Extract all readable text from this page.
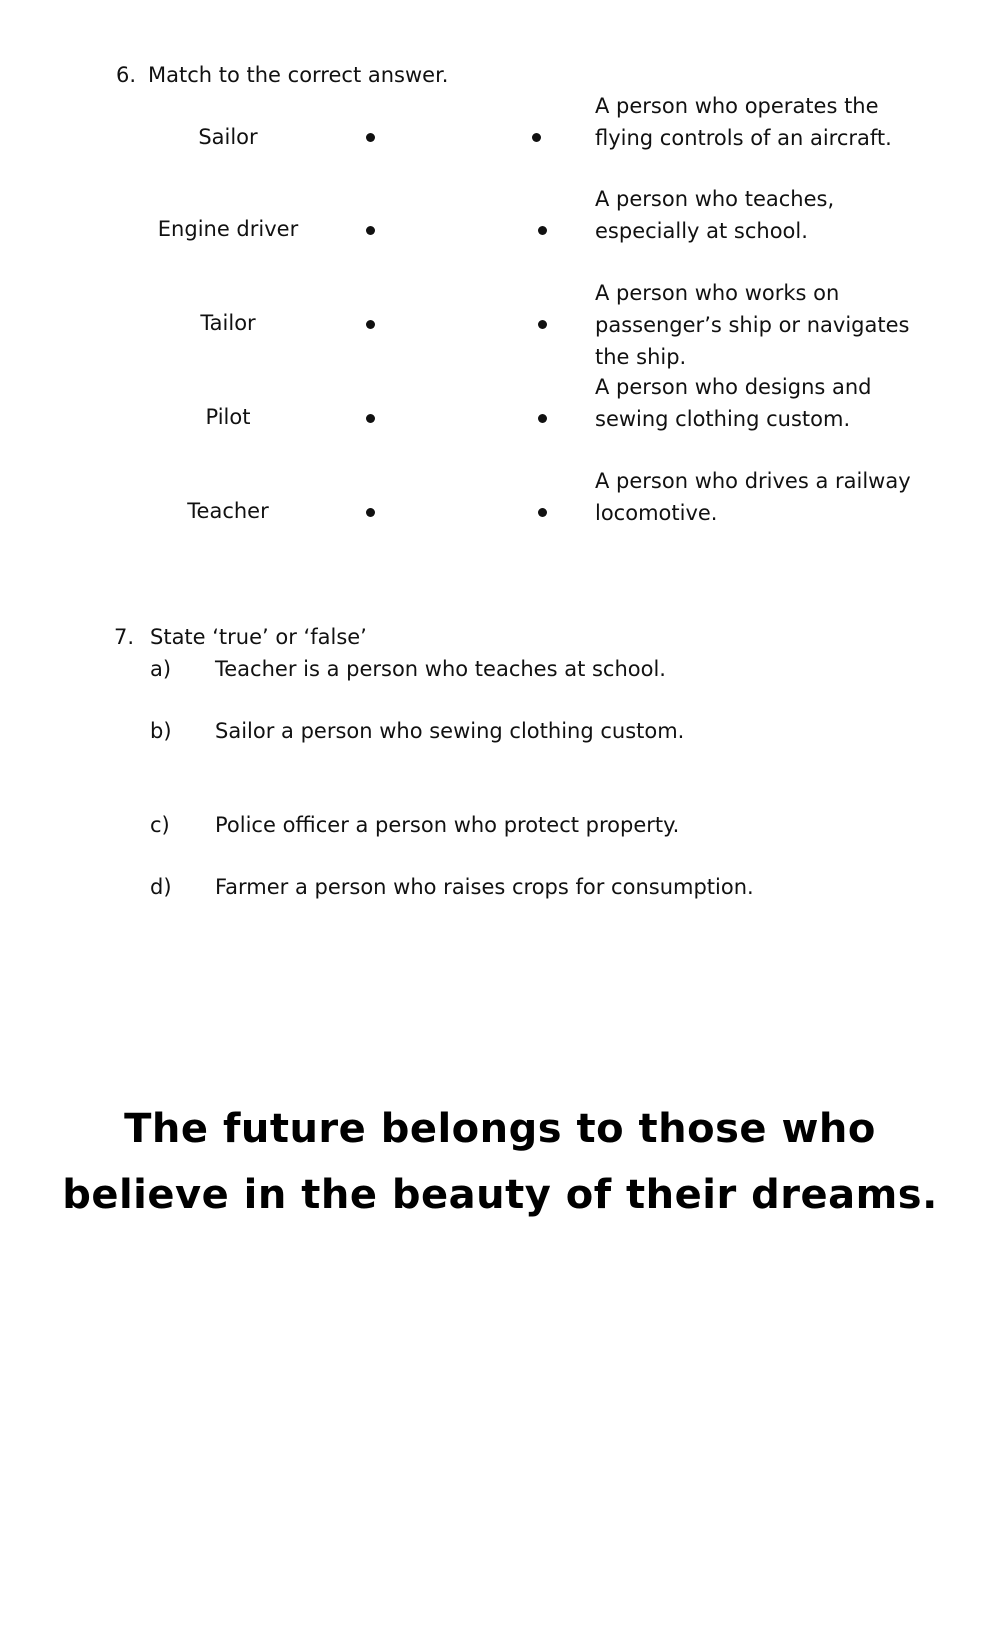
6. Match to the correct answer.
Sailor
Engine driver
Tailor
Pilot
Teacher
A person who operates the flying controls of an aircraft.
A person who teaches, especially at school.
A person who works on passenger’s ship or navigates the ship.
A person who designs and sewing clothing custom.
A person who drives a railway locomotive.
7. State ‘true’ or ‘false’
a) Teacher is a person who teaches at school.
b) Sailor a person who sewing clothing custom.
c) Police officer a person who protect property.
d) Farmer a person who raises crops for consumption.
The future belongs to those who believe in the beauty of their dreams.
